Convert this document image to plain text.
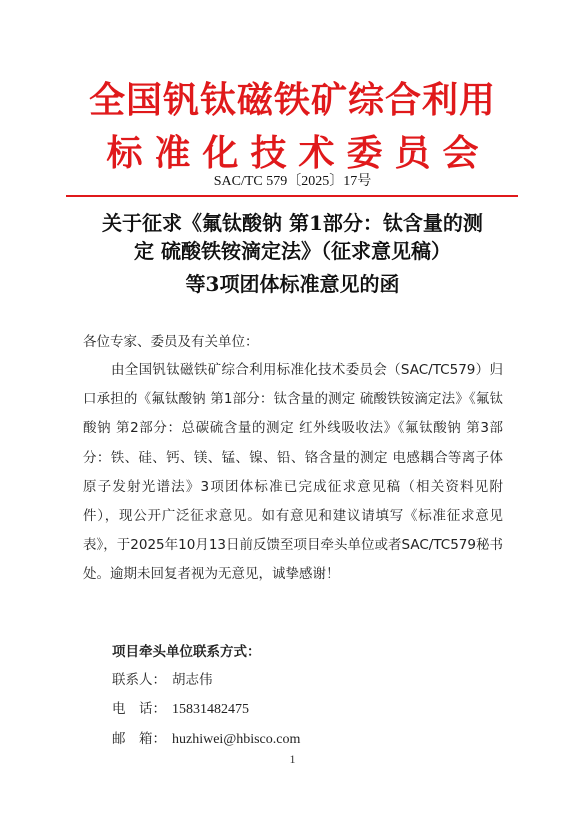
全国钒钛磁铁矿综合利用
标准化技术委员会
SAC/TC 579〔2025〕17号
关于征求《氟钛酸钠 第1部分：钛含量的测
定 硫酸铁铵滴定法》（征求意见稿）
等3项团体标准意见的函
各位专家、委员及有关单位：
由全国钒钛磁铁矿综合利用标准化技术委员会（SAC/TC579）归口承担的《氟钛酸钠 第1部分：钛含量的测定 硫酸铁铵滴定法》《氟钛酸钠 第2部分：总碳硫含量的测定 红外线吸收法》《氟钛酸钠 第3部分：铁、硅、钙、镁、锰、镍、铅、铬含量的测定 电感耦合等离子体原子发射光谱法》3项团体标准已完成征求意见稿（相关资料见附件），现公开广泛征求意见。如有意见和建议请填写《标准征求意见表》，于2025年10月13日前反馈至项目牵头单位或者SAC/TC579秘书处。逾期未回复者视为无意见，诚挚感谢！
项目牵头单位联系方式：
联系人： 胡志伟
电　话： 15831482475
邮　箱： huzhiwei@hbisco.com
1
